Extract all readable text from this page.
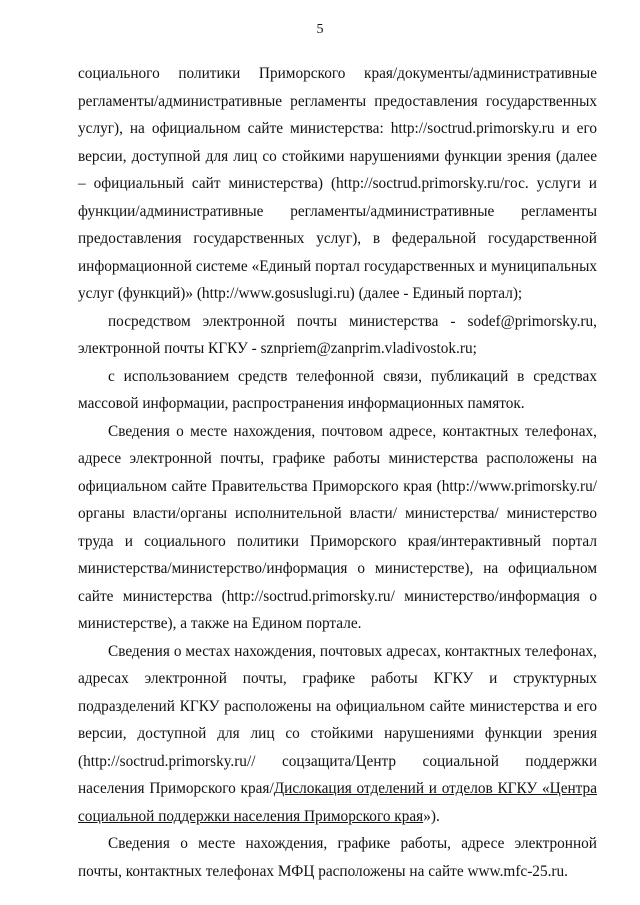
5

социального политики Приморского края/документы/административные регламенты/административные регламенты предоставления государственных услуг), на официальном сайте министерства: http://soctrud.primorsky.ru и его версии, доступной для лиц со стойкими нарушениями функции зрения (далее – официальный сайт министерства) (http://soctrud.primorsky.ru/гос. услуги и функции/административные регламенты/административные регламенты предоставления государственных услуг), в федеральной государственной информационной системе «Единый портал государственных и муниципальных услуг (функций)» (http://www.gosuslugi.ru) (далее - Единый портал);

посредством электронной почты министерства - sodef@primorsky.ru, электронной почты КГКУ - sznpriem@zanprim.vladivostok.ru;

с использованием средств телефонной связи, публикаций в средствах массовой информации, распространения информационных памяток.

Сведения о месте нахождения, почтовом адресе, контактных телефонах, адресе электронной почты, графике работы министерства расположены на официальном сайте Правительства Приморского края (http://www.primorsky.ru/органы власти/органы исполнительной власти/ министерства/ министерство труда и социального политики Приморского края/интерактивный портал министерства/министерство/информация о министерстве), на официальном сайте министерства (http://soctrud.primorsky.ru/ министерство/информация о министерстве), а также на Едином портале.

Сведения о местах нахождения, почтовых адресах, контактных телефонах, адресах электронной почты, графике работы КГКУ и структурных подразделений КГКУ расположены на официальном сайте министерства и его версии, доступной для лиц со стойкими нарушениями функции зрения (http://soctrud.primorsky.ru// соцзащита/Центр социальной поддержки населения Приморского края/Дислокация отделений и отделов КГКУ «Центра социальной поддержки населения Приморского края»).

Сведения о месте нахождения, графике работы, адресе электронной почты, контактных телефонах МФЦ расположены на сайте www.mfc-25.ru.
